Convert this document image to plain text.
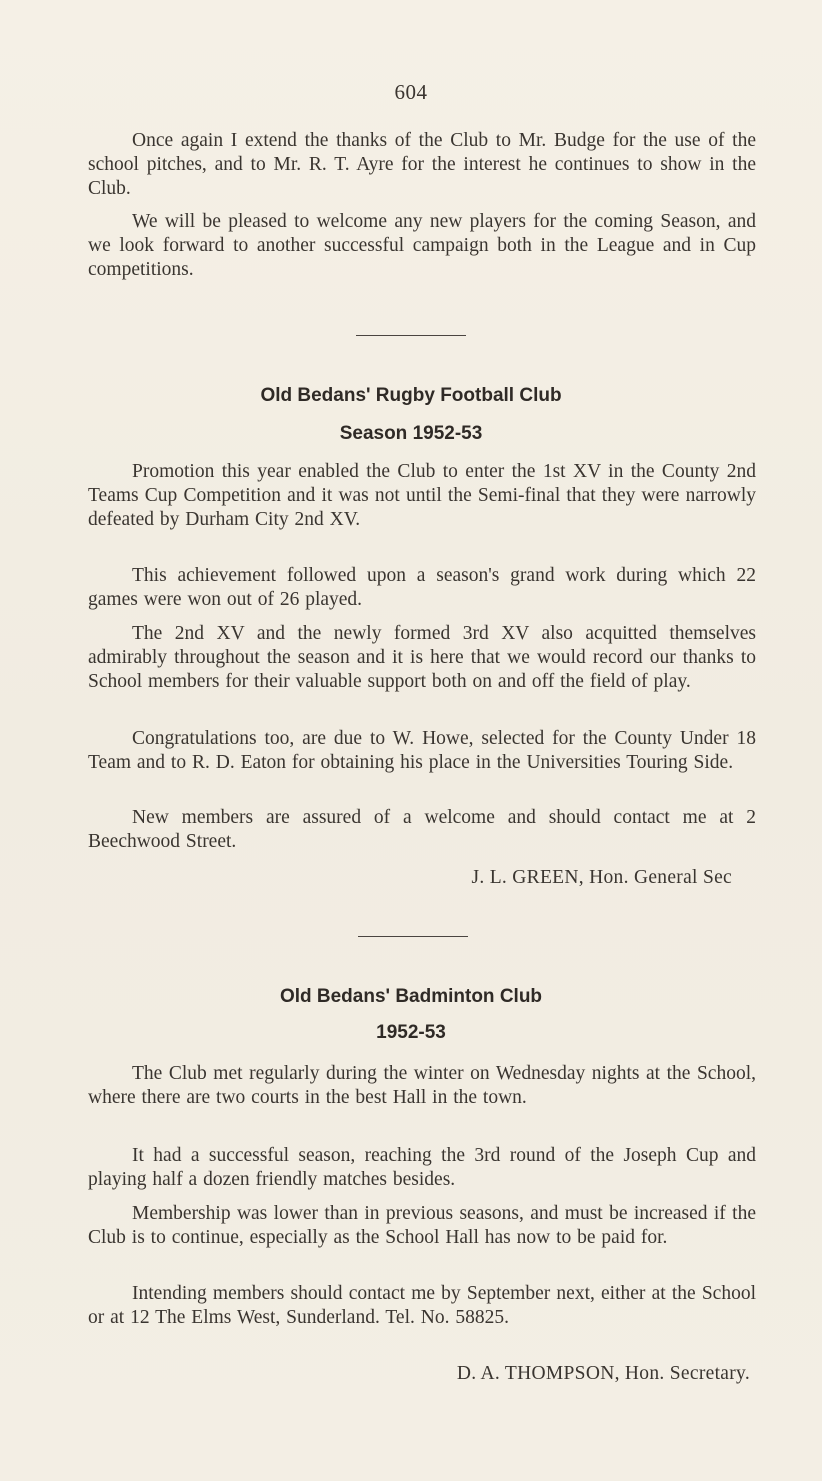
604

Once again I extend the thanks of the Club to Mr. Budge for the use of the school pitches, and to Mr. R. T. Ayre for the interest he continues to show in the Club.

We will be pleased to welcome any new players for the coming Season, and we look forward to another successful campaign both in the League and in Cup competitions.

Old Bedans' Rugby Football Club
Season 1952-53

Promotion this year enabled the Club to enter the 1st XV in the County 2nd Teams Cup Competition and it was not until the Semi-final that they were narrowly defeated by Durham City 2nd XV.

This achievement followed upon a season's grand work during which 22 games were won out of 26 played.

The 2nd XV and the newly formed 3rd XV also acquitted themselves admirably throughout the season and it is here that we would record our thanks to School members for their valuable support both on and off the field of play.

Congratulations too, are due to W. Howe, selected for the County Under 18 Team and to R. D. Eaton for obtaining his place in the Universities Touring Side.

New members are assured of a welcome and should contact me at 2 Beechwood Street.

J. L. GREEN, Hon. General Sec

Old Bedans' Badminton Club
1952-53

The Club met regularly during the winter on Wednesday nights at the School, where there are two courts in the best Hall in the town.

It had a successful season, reaching the 3rd round of the Joseph Cup and playing half a dozen friendly matches besides.

Membership was lower than in previous seasons, and must be increased if the Club is to continue, especially as the School Hall has now to be paid for.

Intending members should contact me by September next, either at the School or at 12 The Elms West, Sunderland. Tel. No. 58825.

D. A. THOMPSON, Hon. Secretary.
